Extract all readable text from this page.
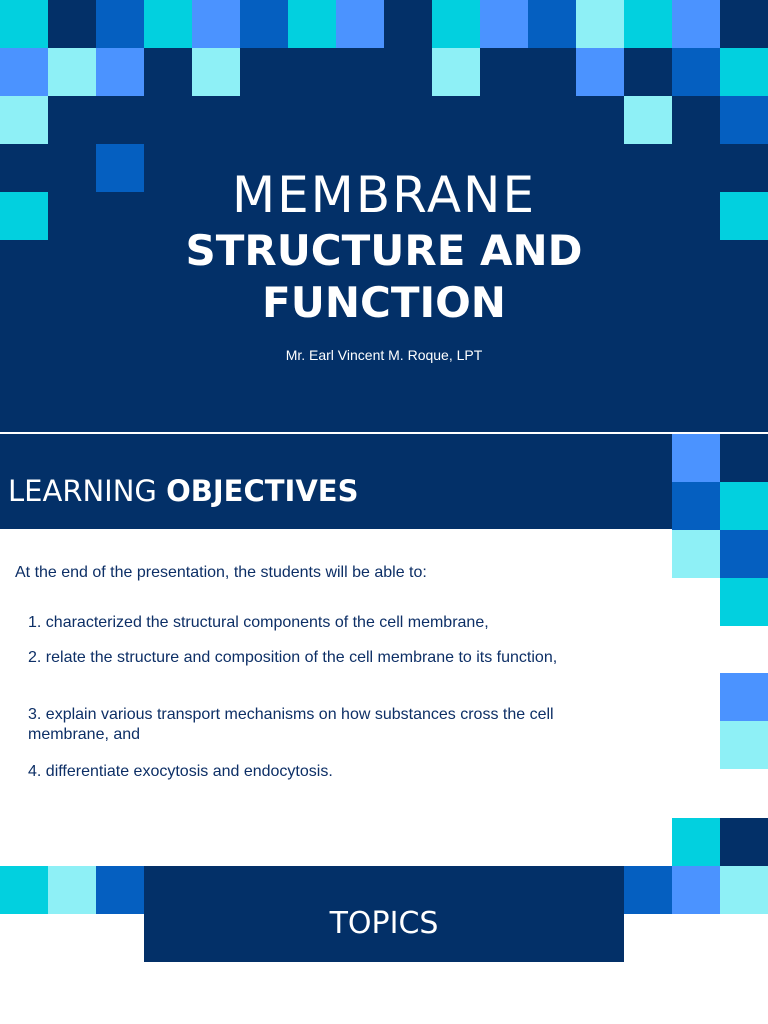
MEMBRANE
STRUCTURE AND
FUNCTION
Mr. Earl Vincent M. Roque, LPT
LEARNING OBJECTIVES
At the end of the presentation, the students will be able to:
1. characterized the structural components of the cell membrane,
2. relate the structure and composition of the cell membrane to its function,
3. explain various transport mechanisms on how substances cross the cell membrane, and
4. differentiate exocytosis and endocytosis.
TOPICS
